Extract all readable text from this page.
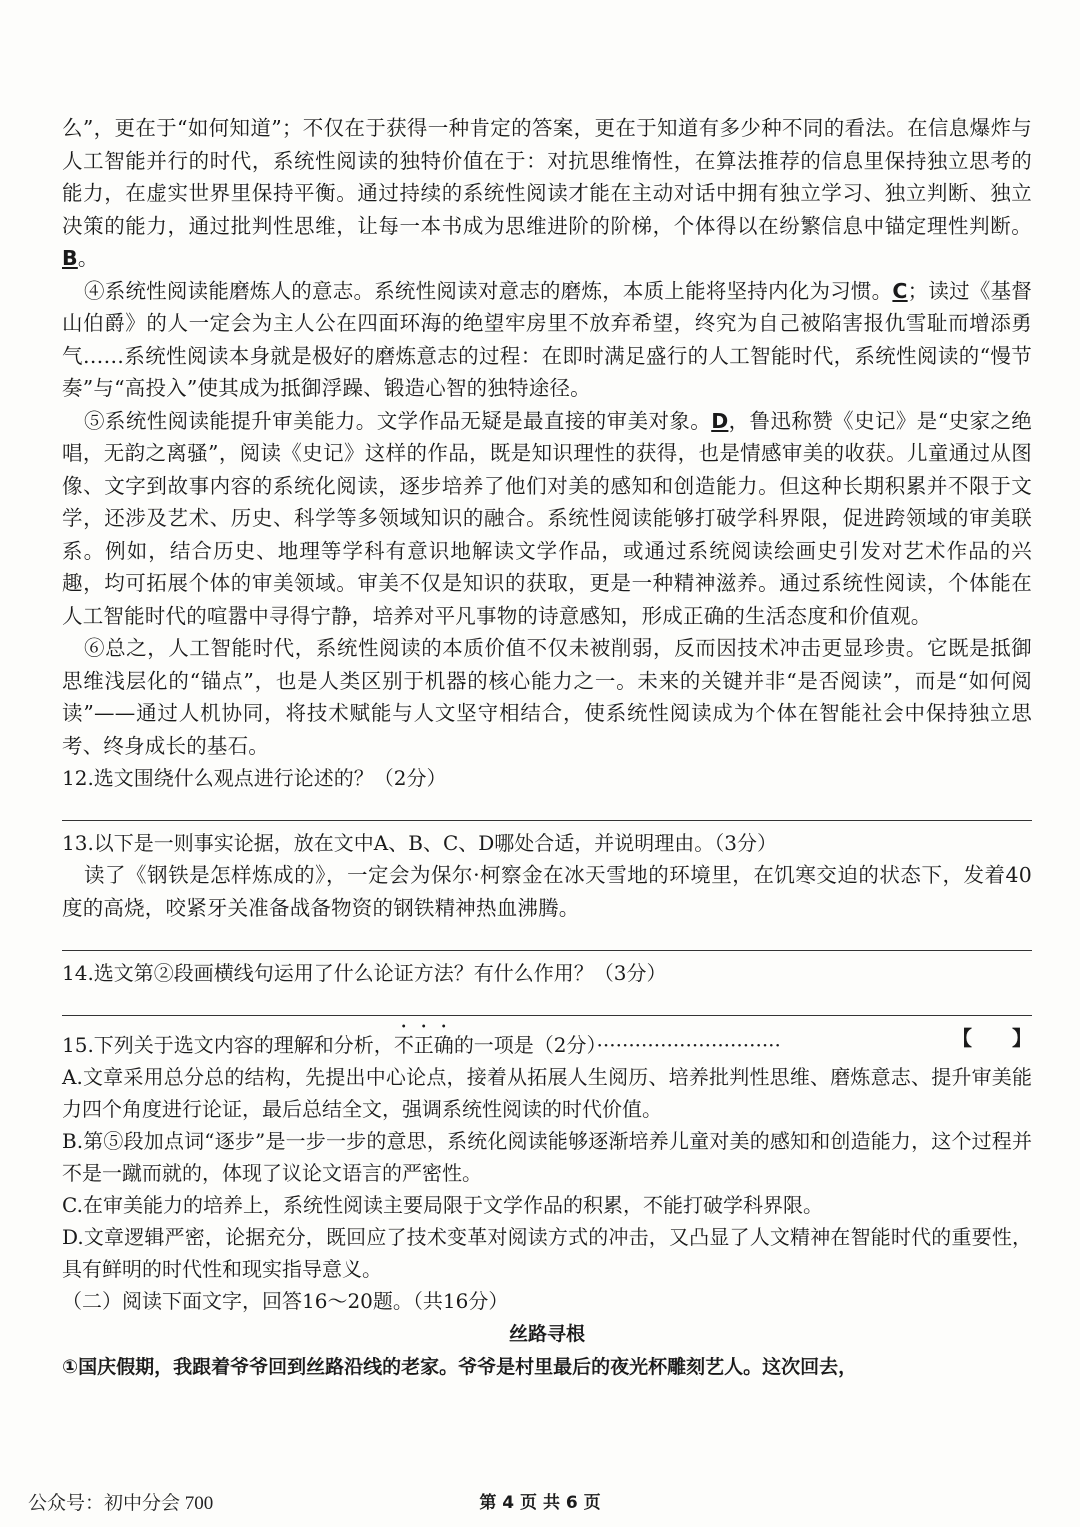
么”，更在于“如何知道”；不仅在于获得一种肯定的答案，更在于知道有多少种不同的看法。在信息爆炸与人工智能并行的时代，系统性阅读的独特价值在于：对抗思维惰性，在算法推荐的信息里保持独立思考的能力，在虚实世界里保持平衡。通过持续的系统性阅读才能在主动对话中拥有独立学习、独立判断、独立决策的能力，通过批判性思维，让每一本书成为思维进阶的阶梯，个体得以在纷繁信息中锚定理性判断。B。

④系统性阅读能磨炼人的意志。系统性阅读对意志的磨炼，本质上能将坚持内化为习惯。C；读过《基督山伯爵》的人一定会为主人公在四面环海的绝望牢房里不放弃希望，终究为自己被陷害报仇雪耻而增添勇气……系统性阅读本身就是极好的磨炼意志的过程：在即时满足盛行的人工智能时代，系统性阅读的“慢节奏”与“高投入”使其成为抵御浮躁、锻造心智的独特途径。

⑤系统性阅读能提升审美能力。文学作品无疑是最直接的审美对象。D，鲁迅称赞《史记》是“史家之绝唱，无韵之离骚”，阅读《史记》这样的作品，既是知识理性的获得，也是情感审美的收获。儿童通过从图像、文字到故事内容的系统化阅读，逐步培养了他们对美的感知和创造能力。但这种长期积累并不限于文学，还涉及艺术、历史、科学等多领域知识的融合。系统性阅读能够打破学科界限，促进跨领域的审美联系。例如，结合历史、地理等学科有意识地解读文学作品，或通过系统阅读绘画史引发对艺术作品的兴趣，均可拓展个体的审美领域。审美不仅是知识的获取，更是一种精神滋养。通过系统性阅读，个体能在人工智能时代的喧嚣中寻得宁静，培养对平凡事物的诗意感知，形成正确的生活态度和价值观。

⑥总之，人工智能时代，系统性阅读的本质价值不仅未被削弱，反而因技术冲击更显珍贵。它既是抵御思维浅层化的“锚点”，也是人类区别于机器的核心能力之一。未来的关键并非“是否阅读”，而是“如何阅读”——通过人机协同，将技术赋能与人文坚守相结合，使系统性阅读成为个体在智能社会中保持独立思考、终身成长的基石。

12.选文围绕什么观点进行论述的？（2分）

13.以下是一则事实论据，放在文中A、B、C、D哪处合适，并说明理由。（3分）

读了《钢铁是怎样炼成的》，一定会为保尔·柯察金在冰天雪地的环境里，在饥寒交迫的状态下，发着40度的高烧，咬紧牙关准备战备物资的钢铁精神热血沸腾。

14.选文第②段画横线句运用了什么论证方法？有什么作用？（3分）

15.下列关于选文内容的理解和分析，不正确的一项是（2分）·····························	【　　】

A.文章采用总分总的结构，先提出中心论点，接着从拓展人生阅历、培养批判性思维、磨炼意志、提升审美能力四个角度进行论证，最后总结全文，强调系统性阅读的时代价值。

B.第⑤段加点词“逐步”是一步一步的意思，系统化阅读能够逐渐培养儿童对美的感知和创造能力，这个过程并不是一蹴而就的，体现了议论文语言的严密性。

C.在审美能力的培养上，系统性阅读主要局限于文学作品的积累，不能打破学科界限。

D.文章逻辑严密，论据充分，既回应了技术变革对阅读方式的冲击，又凸显了人文精神在智能时代的重要性，具有鲜明的时代性和现实指导意义。

（二）阅读下面文字，回答16～20题。（共16分）

丝路寻根

①国庆假期，我跟着爷爷回到丝路沿线的老家。爷爷是村里最后的夜光杯雕刻艺人。这次回去，

公众号：初中分会 700	第 4 页 共 6 页
